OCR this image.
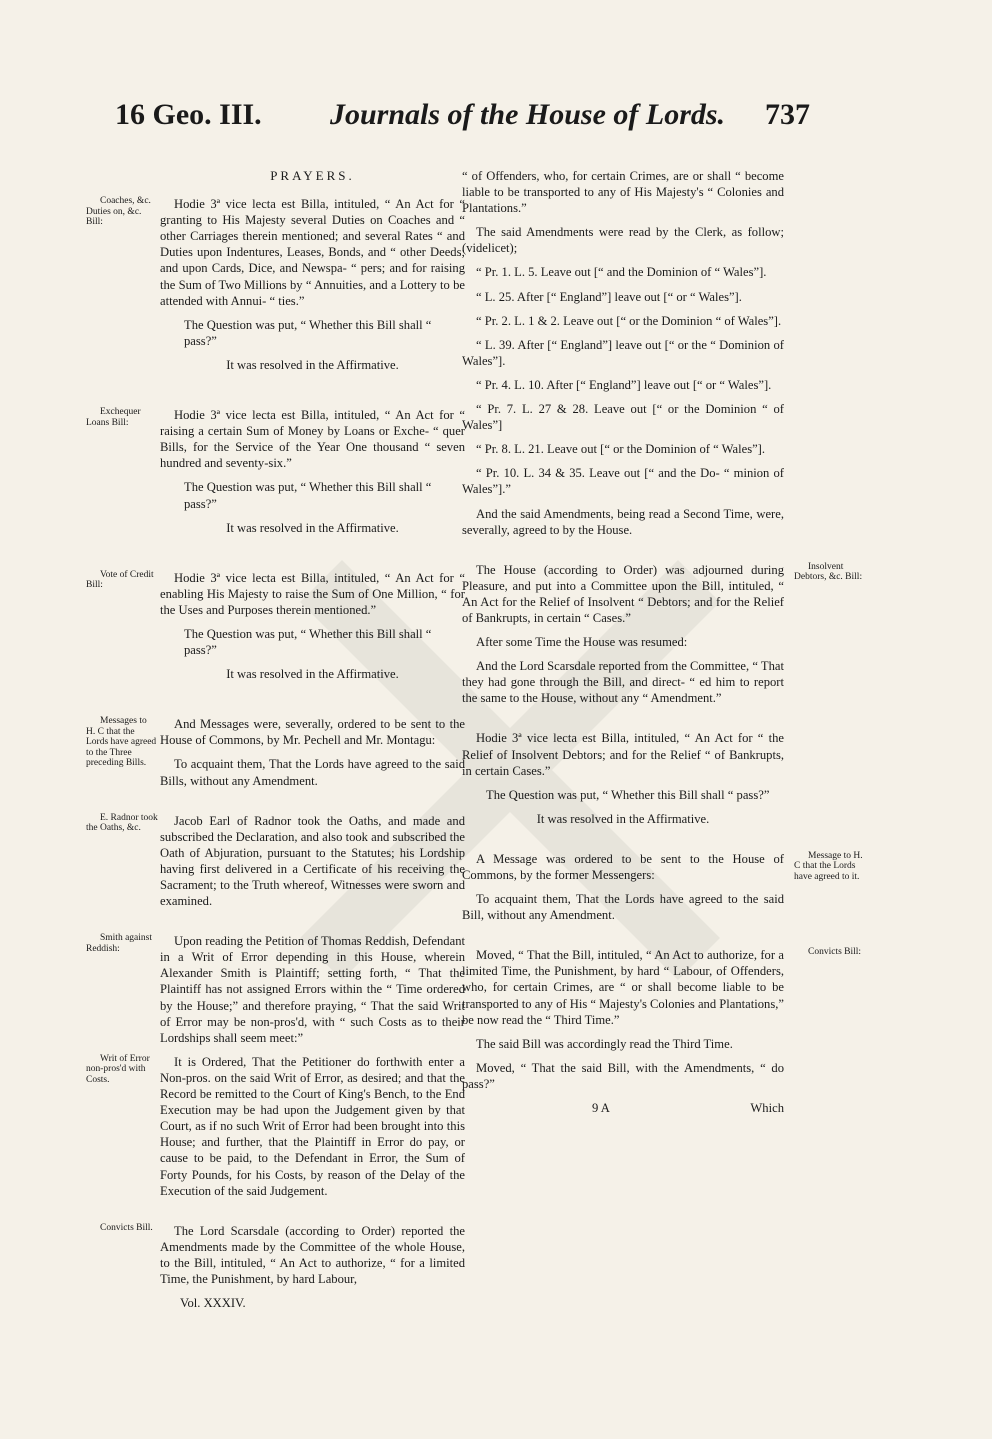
16 Geo. III. Journals of the House of Lords. 737
PRAYERS.
Coaches, &c. Duties on, &c. Bill:
Hodie 3ª vice lecta est Billa, intituled, “ An Act for “ granting to His Majesty several Duties on Coaches and “ other Carriages therein mentioned; and several Rates “ and Duties upon Indentures, Leases, Bonds, and “ other Deeds; and upon Cards, Dice, and Newspa- “ pers; and for raising the Sum of Two Millions by “ Annuities, and a Lottery to be attended with Annui- “ ties.”
The Question was put, “ Whether this Bill shall “ pass?”
It was resolved in the Affirmative.
Exchequer Loans Bill:
Hodie 3ª vice lecta est Billa, intituled, “ An Act for “ raising a certain Sum of Money by Loans or Exche- “ quer Bills, for the Service of the Year One thousand “ seven hundred and seventy-six.”
The Question was put, “ Whether this Bill shall “ pass?”
It was resolved in the Affirmative.
Vote of Credit Bill:
Hodie 3ª vice lecta est Billa, intituled, “ An Act for “ enabling His Majesty to raise the Sum of One Million, “ for the Uses and Purposes therein mentioned.”
The Question was put, “ Whether this Bill shall “ pass?”
It was resolved in the Affirmative.
Messages to H. C that the Lords have agreed to the Three preceding Bills.
And Messages were, severally, ordered to be sent to the House of Commons, by Mr. Pechell and Mr. Montagu:
To acquaint them, That the Lords have agreed to the said Bills, without any Amendment.
E. Radnor took the Oaths, &c.
Jacob Earl of Radnor took the Oaths, and made and subscribed the Declaration, and also took and subscribed the Oath of Abjuration, pursuant to the Statutes; his Lordship having first delivered in a Certificate of his receiving the Sacrament; to the Truth whereof, Witnesses were sworn and examined.
Smith against Reddish:
Upon reading the Petition of Thomas Reddish, Defendant in a Writ of Error depending in this House, wherein Alexander Smith is Plaintiff; setting forth, “ That the Plaintiff has not assigned Errors within the “ Time ordered by the House;” and therefore praying, “ That the said Writ of Error may be non-pros'd, with “ such Costs as to their Lordships shall seem meet:”
Writ of Error non-pros'd with Costs.
It is Ordered, That the Petitioner do forthwith enter a Non-pros. on the said Writ of Error, as desired; and that the Record be remitted to the Court of King's Bench, to the End Execution may be had upon the Judgement given by that Court, as if no such Writ of Error had been brought into this House; and further, that the Plaintiff in Error do pay, or cause to be paid, to the Defendant in Error, the Sum of Forty Pounds, for his Costs, by reason of the Delay of the Execution of the said Judgement.
Convicts Bill.	The Lord Scarsdale (according to Order) reported the Amendments made by the Committee of the whole House, to the Bill, intituled, “ An Act to authorize, “ for a limited Time, the Punishment, by hard Labour,
Vol. XXXIV.
“ of Offenders, who, for certain Crimes, are or shall “ become liable to be transported to any of His Majesty's “ Colonies and Plantations.”
The said Amendments were read by the Clerk, as follow; (videlicet);
“ Pr. 1. L. 5. Leave out [“ and the Dominion of “ Wales”].
“ L. 25. After [“ England”] leave out [“ or “ Wales”].
“ Pr. 2. L. 1 & 2. Leave out [“ or the Dominion “ of Wales”].
“ L. 39. After [“ England”] leave out [“ or the “ Dominion of Wales”].
“ Pr. 4. L. 10. After [“ England”] leave out [“ or “ Wales”].
“ Pr. 7. L. 27 & 28. Leave out [“ or the Dominion “ of Wales”]
“ Pr. 8. L. 21. Leave out [“ or the Dominion of “ Wales”].
“ Pr. 10. L. 34 & 35. Leave out [“ and the Do- “ minion of Wales”].”
And the said Amendments, being read a Second Time, were, severally, agreed to by the House.
Insolvent Debtors, &c. Bill:
The House (according to Order) was adjourned during Pleasure, and put into a Committee upon the Bill, intituled, “ An Act for the Relief of Insolvent “ Debtors; and for the Relief of Bankrupts, in certain “ Cases.”
After some Time the House was resumed:
And the Lord Scarsdale reported from the Committee, “ That they had gone through the Bill, and direct- “ ed him to report the same to the House, without any “ Amendment.”
Hodie 3ª vice lecta est Billa, intituled, “ An Act for “ the Relief of Insolvent Debtors; and for the Relief “ of Bankrupts, in certain Cases.”
The Question was put, “ Whether this Bill shall “ pass?”
It was resolved in the Affirmative.
Message to H. C that the Lords have agreed to it.
A Message was ordered to be sent to the House of Commons, by the former Messengers:
To acquaint them, That the Lords have agreed to the said Bill, without any Amendment.
Convicts Bill:
Moved, “ That the Bill, intituled, “ An Act to authorize, for a limited Time, the Punishment, by hard “ Labour, of Offenders, who, for certain Crimes, are “ or shall become liable to be transported to any of His “ Majesty's Colonies and Plantations,” be now read the “ Third Time.”
The said Bill was accordingly read the Third Time.
Moved, “ That the said Bill, with the Amendments, “ do pass?”
9 A	Which
